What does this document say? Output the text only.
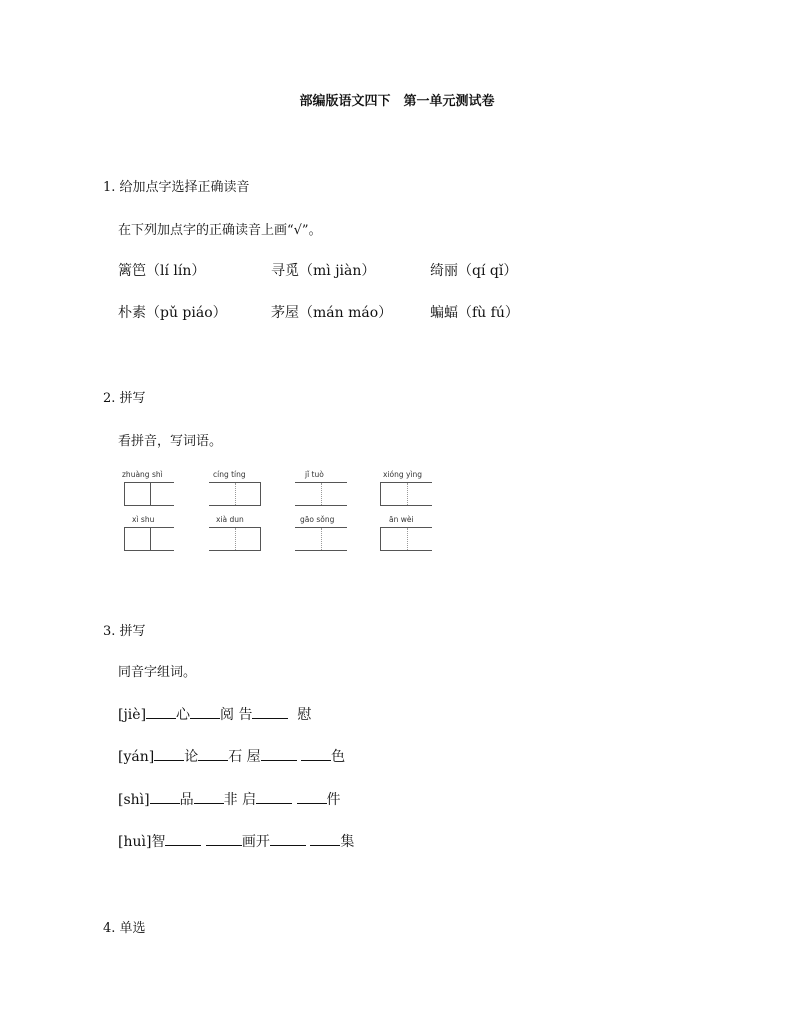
部编版语文四下　第一单元测试卷
1. 给加点字选择正确读音
在下列加点字的正确读音上画“√”。
篱笆（lí lín）	寻觅（mì jiàn）	绮丽（qí qǐ）
朴素（pǔ piáo）	茅屋（mán máo）	蝙蝠（fù fú）
2. 拼写
看拼音，写词语。
zhuàng shì	cíng tíng	jǐ tuò	xióng yìng
xì shu	xià dun	gāo sǒng	ān wèi
3. 拼写
同音字组词。
[jiè] 心 阅 告	慰
[yán] 论 石 屋	色
[shì] 品 非 启	件
[huì]智	画开	集
4. 单选
